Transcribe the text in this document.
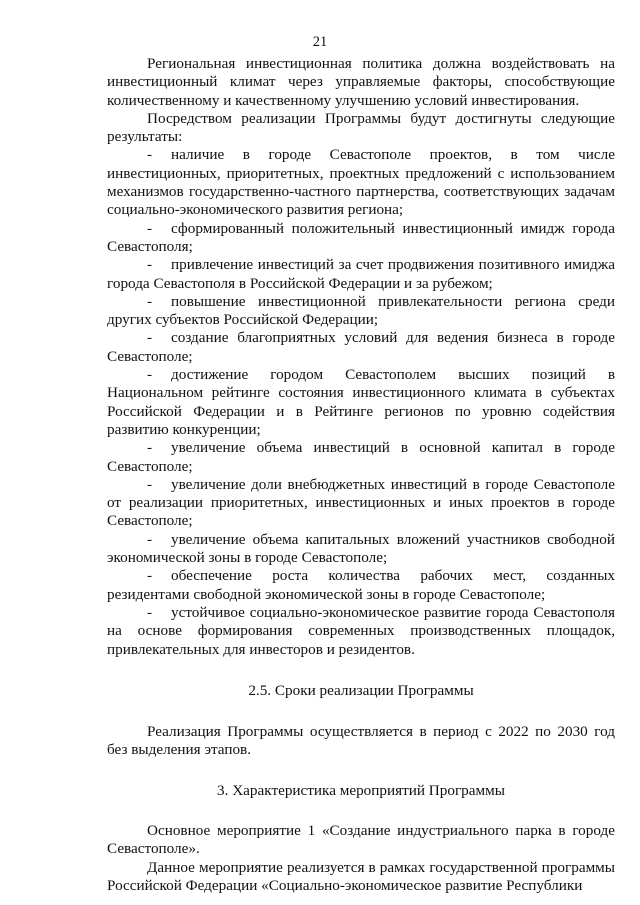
21

Региональная инвестиционная политика должна воздействовать на инвестиционный климат через управляемые факторы, способствующие количественному и качественному улучшению условий инвестирования.

Посредством реализации Программы будут достигнуты следующие результаты:

- наличие в городе Севастополе проектов, в том числе инвестиционных, приоритетных, проектных предложений с использованием механизмов государственно-частного партнерства, соответствующих задачам социально-экономического развития региона;

- сформированный положительный инвестиционный имидж города Севастополя;

- привлечение инвестиций за счет продвижения позитивного имиджа города Севастополя в Российской Федерации и за рубежом;

- повышение инвестиционной привлекательности региона среди других субъектов Российской Федерации;

- создание благоприятных условий для ведения бизнеса в городе Севастополе;

- достижение городом Севастополем высших позиций в Национальном рейтинге состояния инвестиционного климата в субъектах Российской Федерации и в Рейтинге регионов по уровню содействия развитию конкуренции;

- увеличение объема инвестиций в основной капитал в городе Севастополе;

- увеличение доли внебюджетных инвестиций в городе Севастополе от реализации приоритетных, инвестиционных и иных проектов в городе Севастополе;

- увеличение объема капитальных вложений участников свободной экономической зоны в городе Севастополе;

- обеспечение роста количества рабочих мест, созданных резидентами свободной экономической зоны в городе Севастополе;

- устойчивое социально-экономическое развитие города Севастополя на основе формирования современных производственных площадок, привлекательных для инвесторов и резидентов.

2.5. Сроки реализации Программы

Реализация Программы осуществляется в период с 2022 по 2030 год без выделения этапов.

3. Характеристика мероприятий Программы

Основное мероприятие 1 «Создание индустриального парка в городе Севастополе».

Данное мероприятие реализуется в рамках государственной программы Российской Федерации «Социально-экономическое развитие Республики
